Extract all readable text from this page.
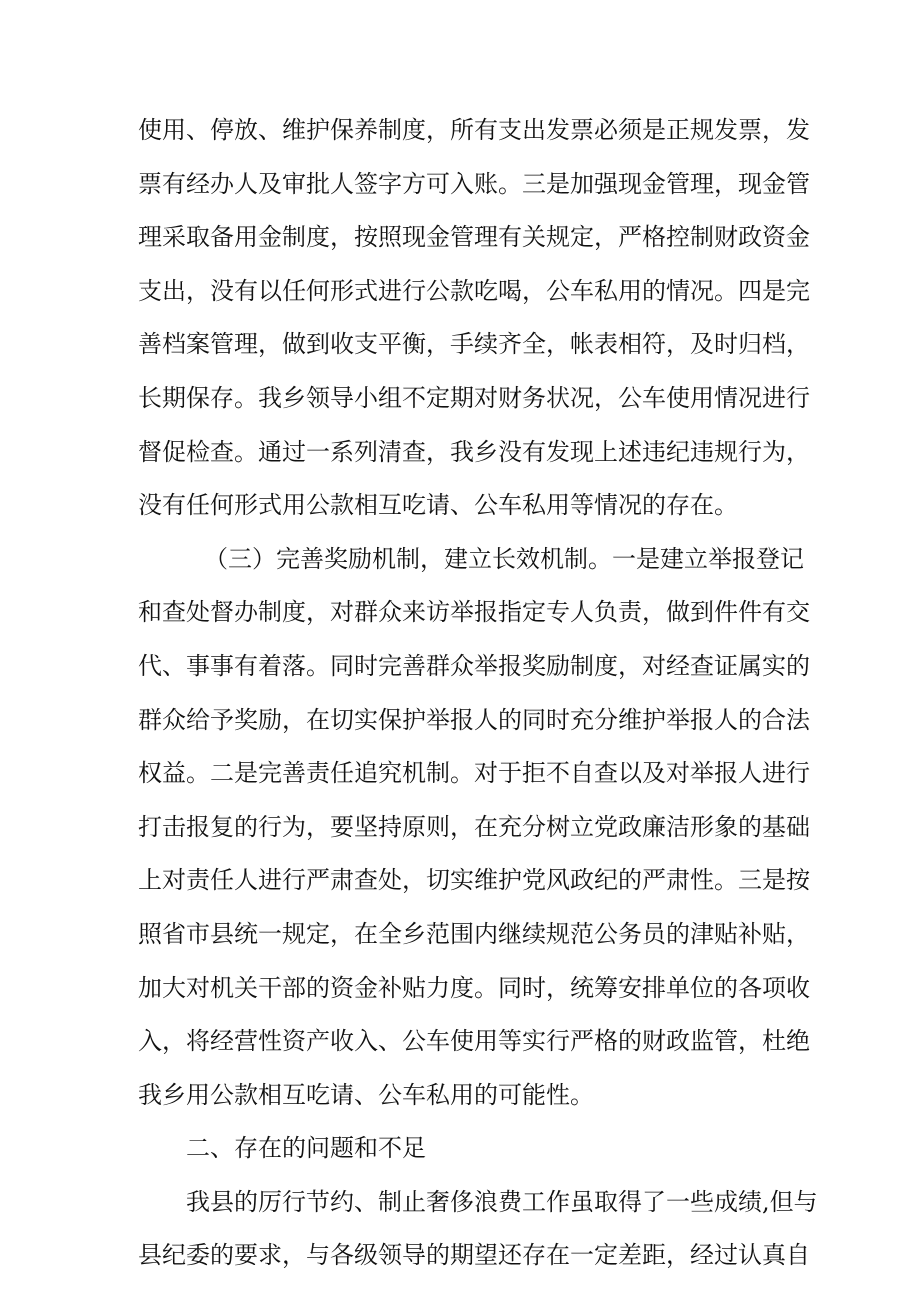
使用、停放、维护保养制度，所有支出发票必须是正规发票，发
票有经办人及审批人签字方可入账。三是加强现金管理，现金管
理采取备用金制度，按照现金管理有关规定，严格控制财政资金
支出，没有以任何形式进行公款吃喝，公车私用的情况。四是完
善档案管理，做到收支平衡，手续齐全，帐表相符，及时归档，
长期保存。我乡领导小组不定期对财务状况，公车使用情况进行
督促检查。通过一系列清查，我乡没有发现上述违纪违规行为，
没有任何形式用公款相互吃请、公车私用等情况的存在。
（三）完善奖励机制，建立长效机制。一是建立举报登记
和查处督办制度，对群众来访举报指定专人负责，做到件件有交
代、事事有着落。同时完善群众举报奖励制度，对经查证属实的
群众给予奖励，在切实保护举报人的同时充分维护举报人的合法
权益。二是完善责任追究机制。对于拒不自查以及对举报人进行
打击报复的行为，要坚持原则，在充分树立党政廉洁形象的基础
上对责任人进行严肃查处，切实维护党风政纪的严肃性。三是按
照省市县统一规定，在全乡范围内继续规范公务员的津贴补贴，
加大对机关干部的资金补贴力度。同时，统筹安排单位的各项收
入，将经营性资产收入、公车使用等实行严格的财政监管，杜绝
我乡用公款相互吃请、公车私用的可能性。
二、存在的问题和不足
我县的厉行节约、制止奢侈浪费工作虽取得了一些成绩,但与
县纪委的要求，与各级领导的期望还存在一定差距，经过认真自
